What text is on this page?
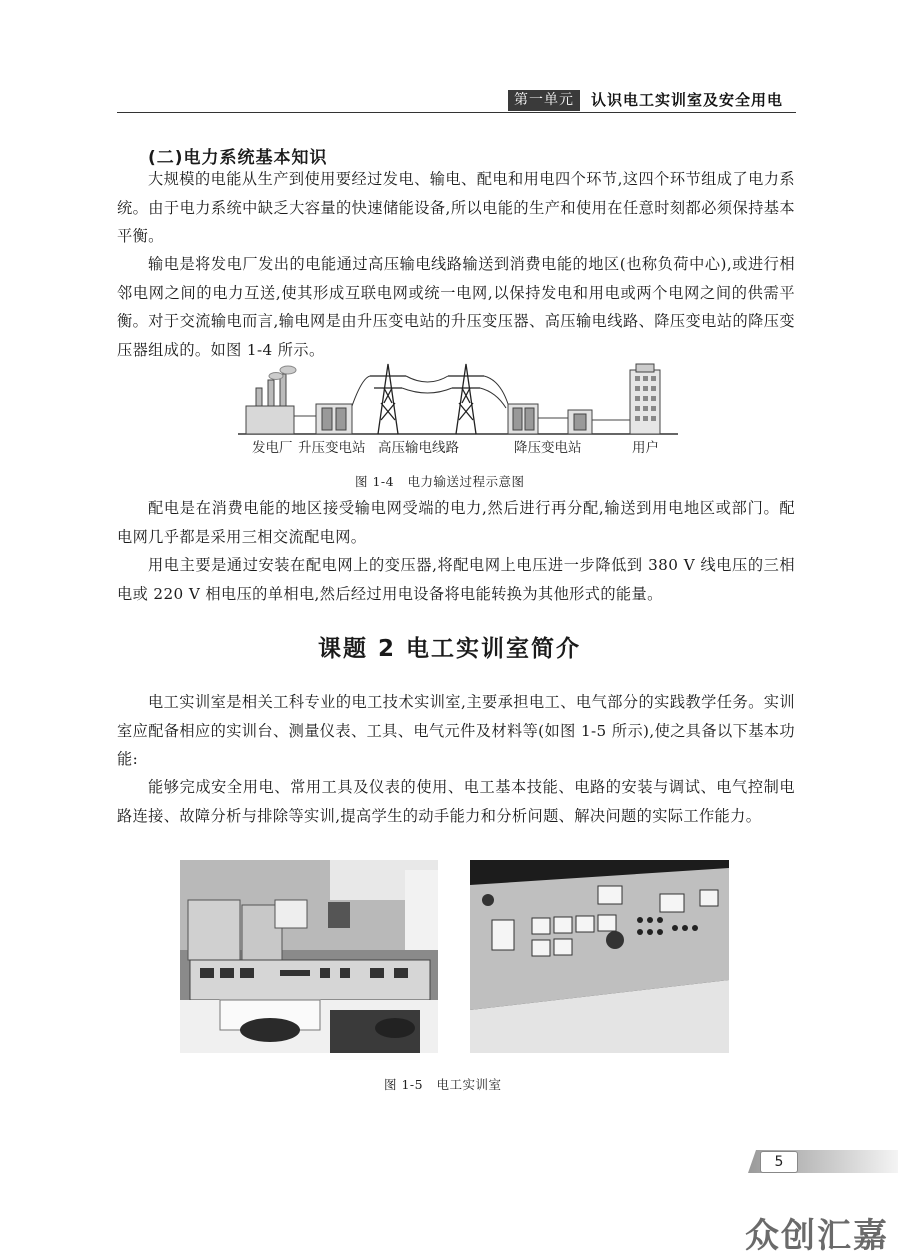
第一单元	认识电工实训室及安全用电
(二)电力系统基本知识

大规模的电能从生产到使用要经过发电、输电、配电和用电四个环节,这四个环节组成了电力系统。由于电力系统中缺乏大容量的快速储能设备,所以电能的生产和使用在任意时刻都必须保持基本平衡。

输电是将发电厂发出的电能通过高压输电线路输送到消费电能的地区(也称负荷中心),或进行相邻电网之间的电力互送,使其形成互联电网或统一电网,以保持发电和用电或两个电网之间的供需平衡。对于交流输电而言,输电网是由升压变电站的升压变压器、高压输电线路、降压变电站的降压变压器组成的。如图 1-4 所示。

发电厂 升压变电站 高压输电线路	降压变电站	用户
图 1-4   电力输送过程示意图

配电是在消费电能的地区接受输电网受端的电力,然后进行再分配,输送到用电地区或部门。配电网几乎都是采用三相交流配电网。

用电主要是通过安装在配电网上的变压器,将配电网上电压进一步降低到 380 V 线电压的三相电或 220 V 相电压的单相电,然后经过用电设备将电能转换为其他形式的能量。

课题 2 电工实训室简介

电工实训室是相关工科专业的电工技术实训室,主要承担电工、电气部分的实践教学任务。实训室应配备相应的实训台、测量仪表、工具、电气元件及材料等(如图 1-5 所示),使之具备以下基本功能:

能够完成安全用电、常用工具及仪表的使用、电工基本技能、电路的安装与调试、电气控制电路连接、故障分析与排除等实训,提高学生的动手能力和分析问题、解决问题的实际工作能力。

图 1-5   电工实训室
5
众创汇嘉
